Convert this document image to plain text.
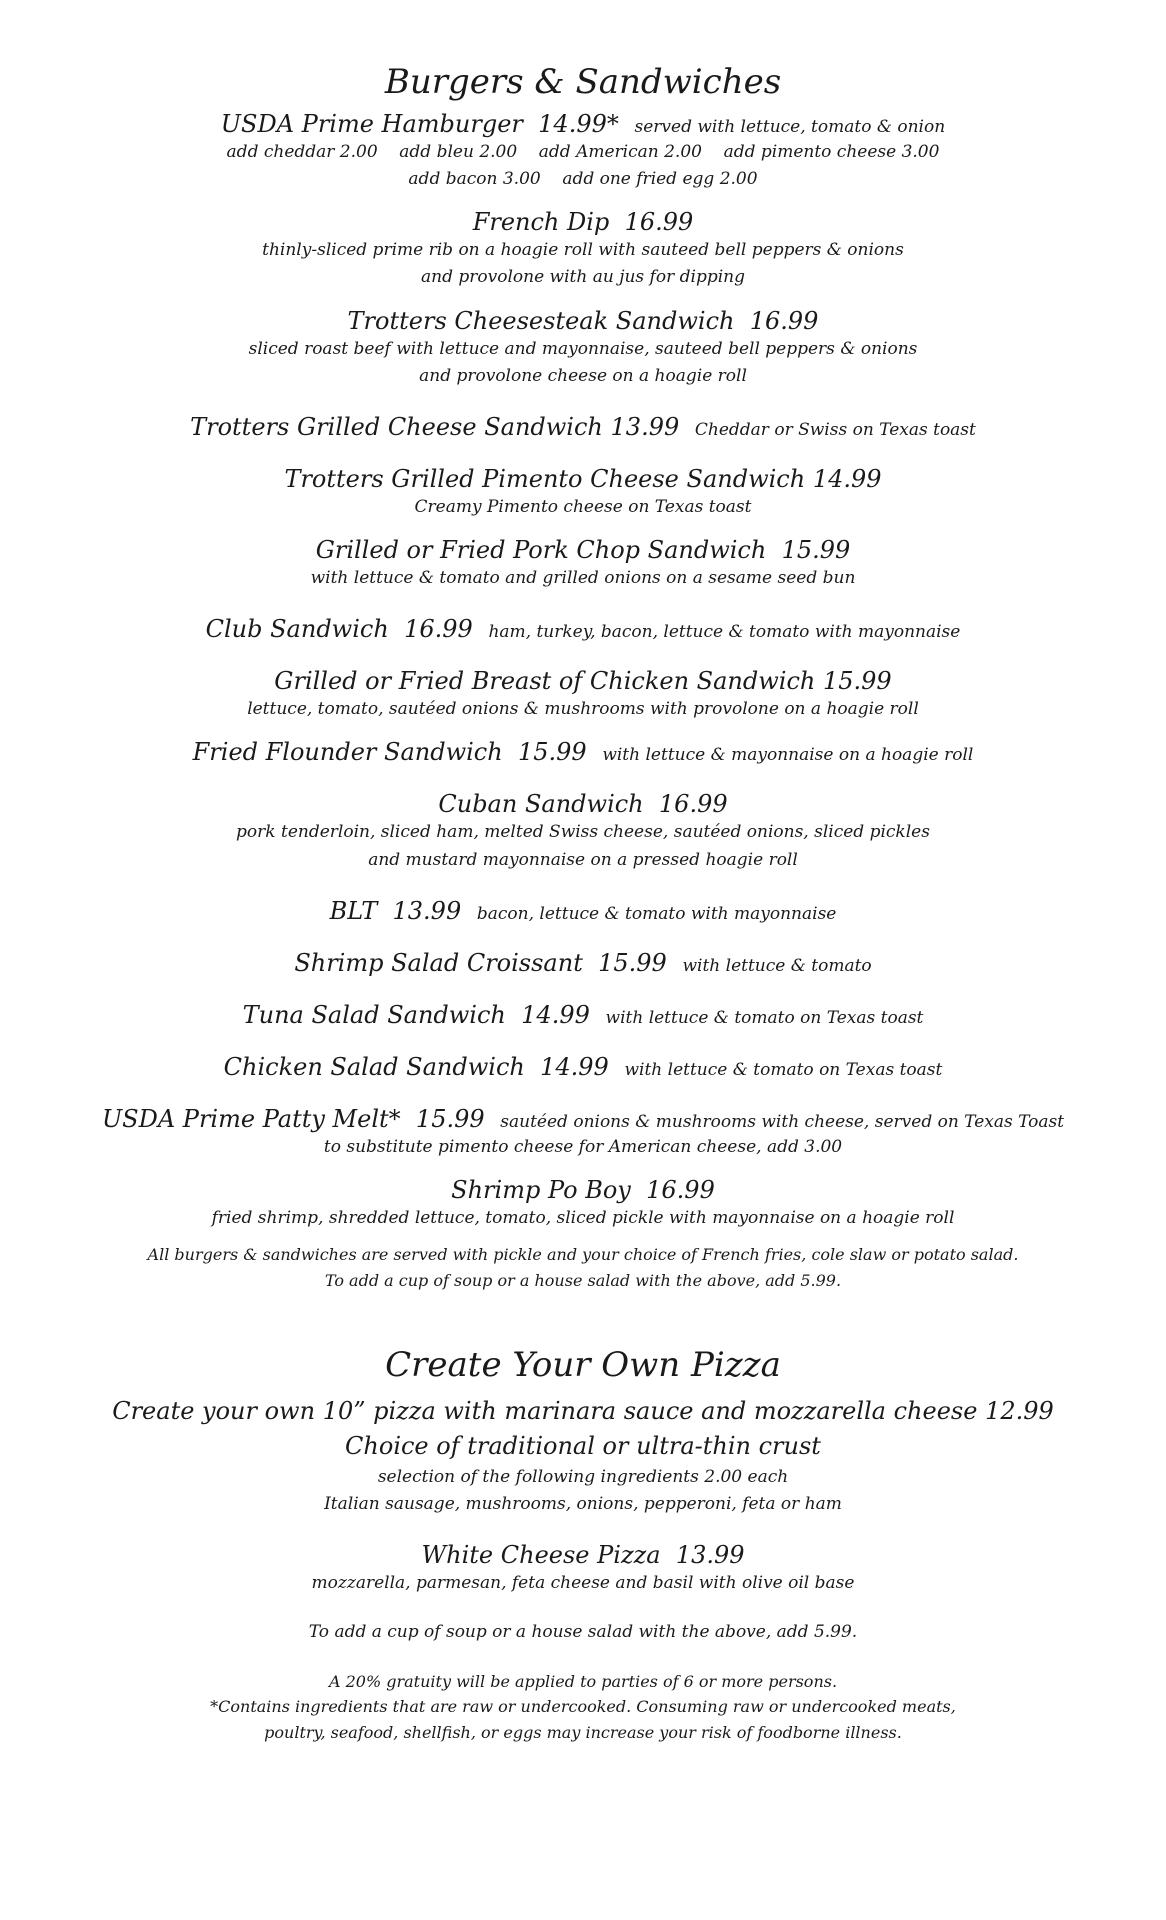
Burgers & Sandwiches
USDA Prime Hamburger 14.99* served with lettuce, tomato & onion
add cheddar 2.00    add bleu 2.00    add American 2.00    add pimento cheese 3.00
add bacon 3.00    add one fried egg 2.00
French Dip 16.99
thinly-sliced prime rib on a hoagie roll with sauteed bell peppers & onions
and provolone with au jus for dipping
Trotters Cheesesteak Sandwich 16.99
sliced roast beef with lettuce and mayonnaise, sauteed bell peppers & onions
and provolone cheese on a hoagie roll
Trotters Grilled Cheese Sandwich 13.99 Cheddar or Swiss on Texas toast
Trotters Grilled Pimento Cheese Sandwich 14.99
Creamy Pimento cheese on Texas toast
Grilled or Fried Pork Chop Sandwich 15.99
with lettuce & tomato and grilled onions on a sesame seed bun
Club Sandwich 16.99 ham, turkey, bacon, lettuce & tomato with mayonnaise
Grilled or Fried Breast of Chicken Sandwich 15.99
lettuce, tomato, sautéed onions & mushrooms with provolone on a hoagie roll
Fried Flounder Sandwich 15.99 with lettuce & mayonnaise on a hoagie roll
Cuban Sandwich 16.99
pork tenderloin, sliced ham, melted Swiss cheese, sautéed onions, sliced pickles
and mustard mayonnaise on a pressed hoagie roll
BLT 13.99 bacon, lettuce & tomato with mayonnaise
Shrimp Salad Croissant 15.99 with lettuce & tomato
Tuna Salad Sandwich 14.99 with lettuce & tomato on Texas toast
Chicken Salad Sandwich 14.99 with lettuce & tomato on Texas toast
USDA Prime Patty Melt* 15.99 sautéed onions & mushrooms with cheese, served on Texas Toast
to substitute pimento cheese for American cheese, add 3.00
Shrimp Po Boy 16.99
fried shrimp, shredded lettuce, tomato, sliced pickle with mayonnaise on a hoagie roll
All burgers & sandwiches are served with pickle and your choice of French fries, cole slaw or potato salad.
To add a cup of soup or a house salad with the above, add 5.99.
Create Your Own Pizza
Create your own 10” pizza with marinara sauce and mozzarella cheese 12.99
Choice of traditional or ultra-thin crust
selection of the following ingredients 2.00 each
Italian sausage, mushrooms, onions, pepperoni, feta or ham
White Cheese Pizza 13.99
mozzarella, parmesan, feta cheese and basil with olive oil base
To add a cup of soup or a house salad with the above, add 5.99.
A 20% gratuity will be applied to parties of 6 or more persons.
*Contains ingredients that are raw or undercooked. Consuming raw or undercooked meats,
poultry, seafood, shellfish, or eggs may increase your risk of foodborne illness.
